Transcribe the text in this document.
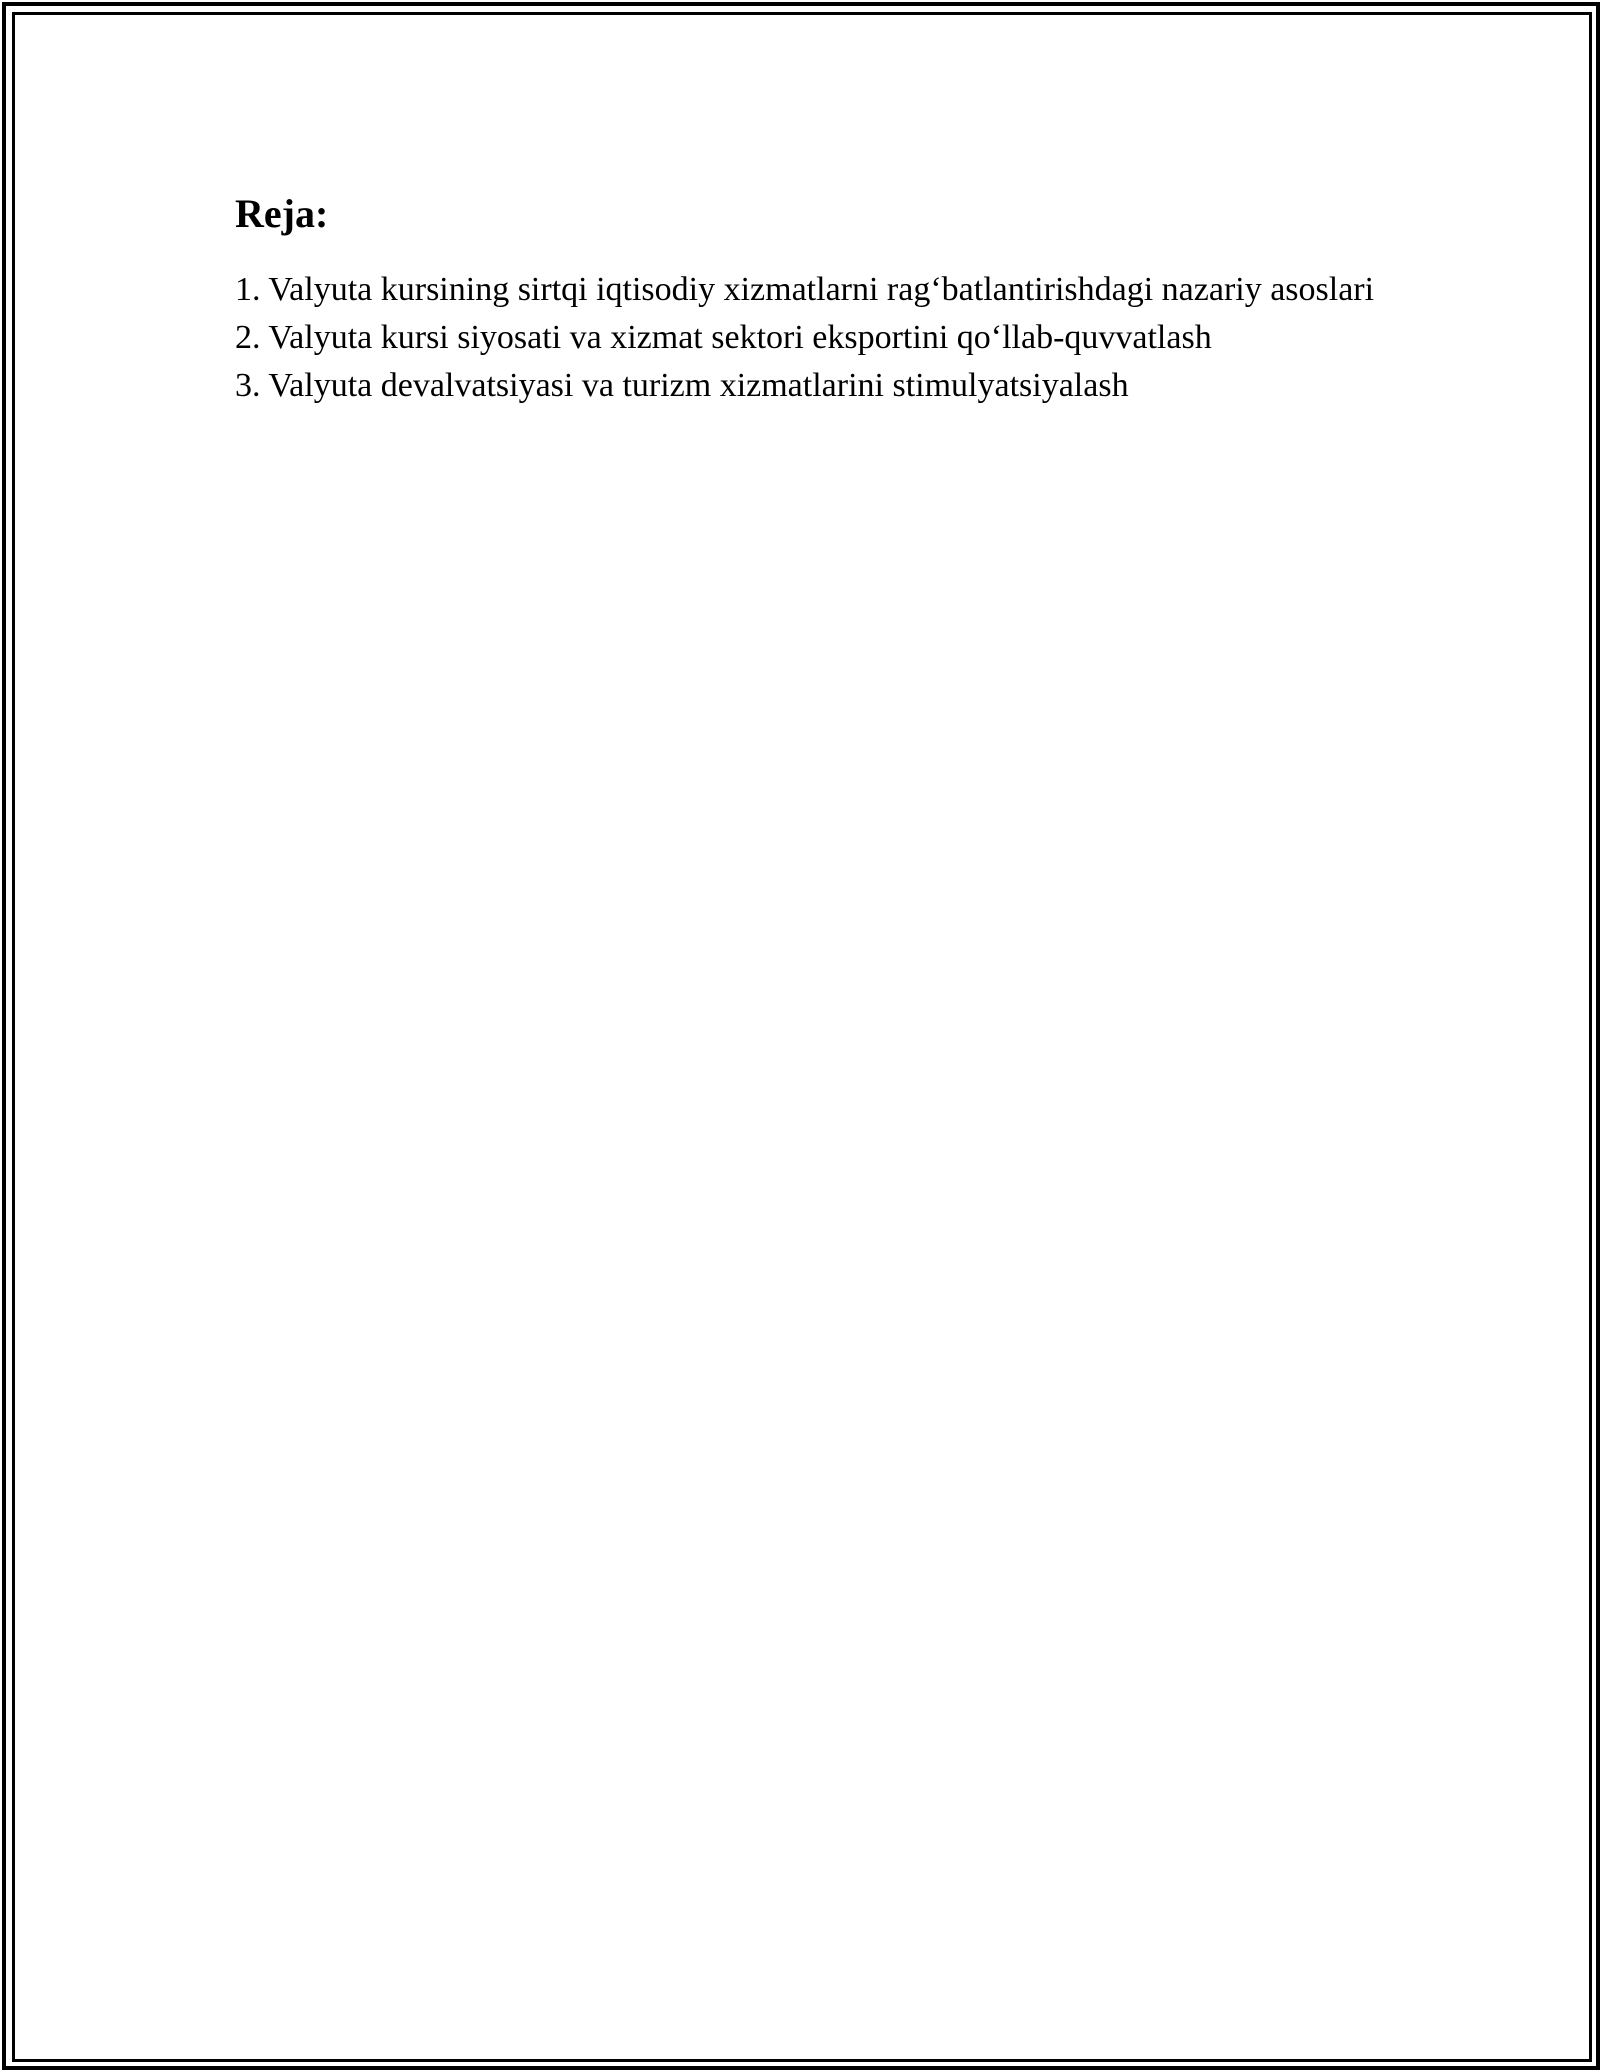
Reja:
1. Valyuta kursining sirtqi iqtisodiy xizmatlarni rag‘batlantirishdagi nazariy asoslari
2. Valyuta kursi siyosati va xizmat sektori eksportini qo‘llab-quvvatlash
3. Valyuta devalvatsiyasi va turizm xizmatlarini stimulyatsiyalash
